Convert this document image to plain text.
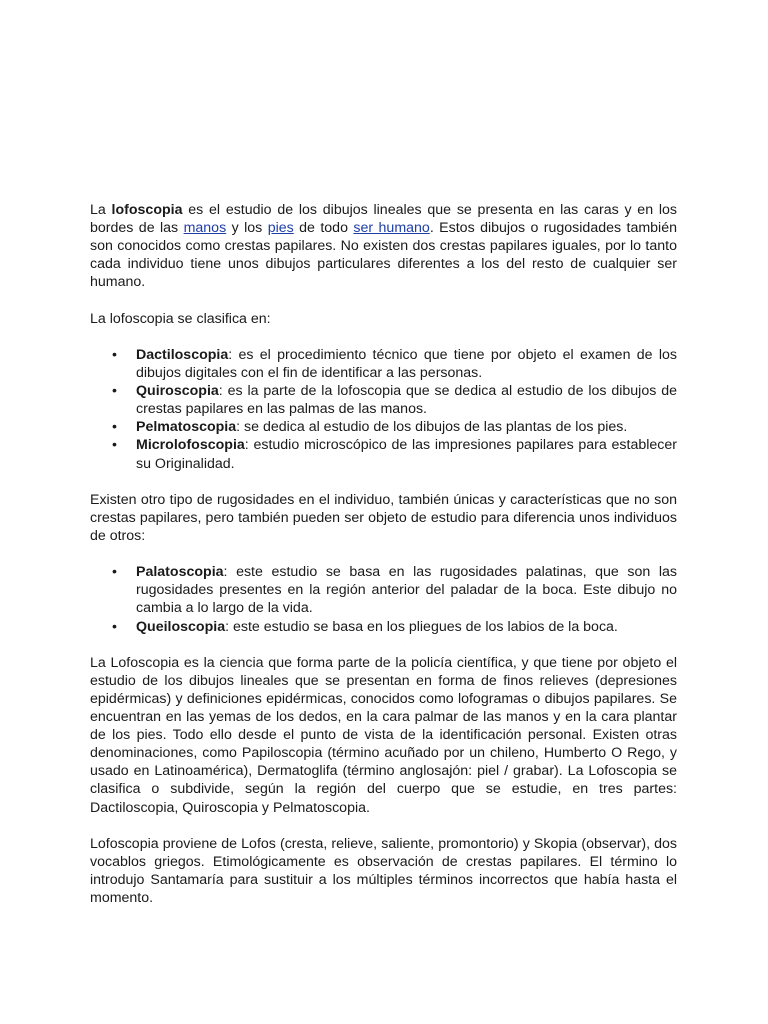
La lofoscopia es el estudio de los dibujos lineales que se presenta en las caras y en los bordes de las manos y los pies de todo ser humano. Estos dibujos o rugosidades también son conocidos como crestas papilares. No existen dos crestas papilares iguales, por lo tanto cada individuo tiene unos dibujos particulares diferentes a los del resto de cualquier ser humano.

La lofoscopia se clasifica en:

• Dactiloscopia: es el procedimiento técnico que tiene por objeto el examen de los dibujos digitales con el fin de identificar a las personas.
• Quiroscopia: es la parte de la lofoscopia que se dedica al estudio de los dibujos de crestas papilares en las palmas de las manos.
• Pelmatoscopia: se dedica al estudio de los dibujos de las plantas de los pies.
• Microlofoscopia: estudio microscópico de las impresiones papilares para establecer su Originalidad.

Existen otro tipo de rugosidades en el individuo, también únicas y características que no son crestas papilares, pero también pueden ser objeto de estudio para diferencia unos individuos de otros:

• Palatoscopia: este estudio se basa en las rugosidades palatinas, que son las rugosidades presentes en la región anterior del paladar de la boca. Este dibujo no cambia a lo largo de la vida.
• Queiloscopia: este estudio se basa en los pliegues de los labios de la boca.

La Lofoscopia es la ciencia que forma parte de la policía científica, y que tiene por objeto el estudio de los dibujos lineales que se presentan en forma de finos relieves (depresiones epidérmicas) y definiciones epidérmicas, conocidos como lofogramas o dibujos papilares. Se encuentran en las yemas de los dedos, en la cara palmar de las manos y en la cara plantar de los pies. Todo ello desde el punto de vista de la identificación personal. Existen otras denominaciones, como Papiloscopia (término acuñado por un chileno, Humberto O Rego, y usado en Latinoamérica), Dermatoglifa (término anglosajón: piel / grabar). La Lofoscopia se clasifica o subdivide, según la región del cuerpo que se estudie, en tres partes: Dactiloscopia, Quiroscopia y Pelmatoscopia.

Lofoscopia proviene de Lofos (cresta, relieve, saliente, promontorio) y Skopia (observar), dos vocablos griegos. Etimológicamente es observación de crestas papilares. El término lo introdujo Santamaría para sustituir a los múltiples términos incorrectos que había hasta el momento.
